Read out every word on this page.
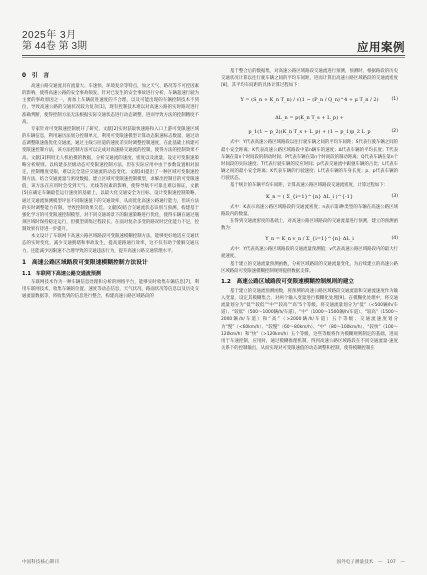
2025年 3月
第 44卷 第 3期	应用案例
0　引　言

高速公路交通流具有流量大、车速快、环境复杂等特点，加之天气、路况等不可控因素的影响，使得高速公路的安全事故频发，针对已发生的安全事故进行分析，车辆超速行驶为主要的事故原因之一，再加上车辆前进速度的不合理，以及可能出现的车辆控制技术不到位，导致高速公路的交通状况较为复杂[1]，现有控制技术难以对高速公路的实时路况进行准确判断，使得控制方法无法根据实际交通状态进行动态调整，进而导致方法的控制精度不高。

专家针对可变限速控制展开了研究，文献[2]实时获取快速路和入口上游可变限速区域的车辆信息，利用遍历法划分控制单元，利用可变限速模型计算动态限速标志数量，通过动态调整限速值优化交通流，通过主线与匝道的速度差实时调整控制速度，在此基础上构建可变限速控制方法，该方法控制方法可以完成对高速路交通流的控制，使得方法的控制效果不高。文献[3]利用无人机拍摄的数据，分析交通流的速度、密度以及流量，设定可变限速策略分析规则。以构建多层级动态可变限速控制方法，但在实际应用中由于参数设置相对固定，控制精度受限，难以完全适应交通流的动态变化。文献[4]提出了一种区域可变限速控制方法，结合交通流量与密度数据，建立区域可变限速控制模型，求解出控制目的可变限速值，该方法在应用时会受到天气、光线等因素的影响，使得导航不可靠且难以保证。文献[5]在确定车辆最佳运行速度的基础上，以最大化交通安全为目标，设计变限速控制策略，通过交通流预测模型评估不同限速值下的交通效率，从而优化高速公路通行能力，但该方法的实时调整能力有限，导致控制效果欠佳。文献[6]结合交通流状态识别与预测，构建基于强化学习的可变限速控制模型，对不同交通场景下的限速策略进行优化，使得车辆在通过瓶颈区域时保持稳定运行，但模型训练过程较长，在面对复杂多变的路况时泛化能力不足，控制效果有待进一步提升。

本文设计了车联网下高速公路区域路段可变限速模糊控制方法，能够更好地适应交通状态的实时变化，减少交通拥堵和事故发生，提高道路通行效率，这不仅有助于缓解交通压力，还能减少因限速不合理导致的交通违法行为，提升高速公路交通管理水平。

1　高速公路区域路段可变限速模糊控制方法设计
1.1　车联网下高速公路交通流预测

车联网技术作为一种车辆信息处理和分析的网络平台，能够实时收集车辆信息[7]，利用车联网技术，收集车辆的位置、速度等动态信息，天气状况、路面状况等信息以及历史交通流量数据等，将收集到的信息进行整合，构建高速公路区域路段的

基于整合后的数据集，对高速公路区域路段交通流进行预测，预测时，根据路段的历史交通状况计算以往行驶车辆之间的平均车间距，进而计算出高速公路区域路段的交通流密度[8]，其平均车间距的具体计算过程如下：

Y = (S_n + K_n T_n) / √(1 − (P_n / Q_n)^4 + μ T_n / 2)	(1)
ΔL_n = p(K_n T_s + L_p) +
p_1(1 − p_2)(K_n T_s + L_p) + (1 − p_1)p_2 L_p	(2)

式中：Y代表高速公路区域路段以往行驶车辆之间的平均车间距；S代表行驶车辆之间的最小安全距离；K代表高速公路区域路段中第n辆车的速度；Δ代表车辆的平均长度；T代表车辆在第n个时间段的制动时间；P代表车辆在第n个时间段的制动距离；Q代表车辆在第n个时间段的实际速度；T代表行驶车辆的反应时间；p代表交通流中跟驰车辆的占比；L代表车辆之间的最小安全距离；K代表车辆的行驶速度；L代表车辆的车身长度；p、p代表车辆的行驶状态。

基于统计的车辆平均车间距，计算高速公路区域路段交通流密度，计算过程如下：

K_n = ( Σ_{i=1}^{n} ΔL_i )^{-1}	(3)

式中：K表示高速公路区域路段的交通流密度；n表示第i种类型的车辆在高速公路区域路段内的数量。

在得到交通流密度的基础上，对高速公路区域路段的交通流量进行预测，建立的预测函数为：

Y_n = K_n v_n / Σ_{i=1}^{n} ΔL_i	(4)

式中：Y代表高速公路区域路段的交通流量预测值；v代表高速公路区域路段内的最大行驶速度。

基于建立的交通流量预测函数，分析区域路段的交通流量变化，为后续建立的高速公路区域路段可变限速模糊控制规则提供数据支撑。

1.2　高速公路区域路段可变限速模糊控制规则的建立

基于建立的交通流预测函数，将预测的高速公路区域路段交通流量和交通流速度作为输入变量，设定其模糊集合，对两个输入变量进行模糊化处理[9]。在模糊化处理中，将交通流量划分为“低”“较低”“中”“较高”“高”5个等级。将交通流量划分为“低”（<500辆/h/车道）、“较低”（500～1000辆/h/车道）、“中”（1000～1500辆/h/车道）、“较高”（1500～2000辆/h/车道）和“高”（>2000辆/h/车道）五个等级；交通流速度划分为“慢”（<60km/h）、“较慢”（60～80km/h）、“中”（80～100km/h）、“较快”（100～120km/h）和“快”（>120km/h）五个等级，这些等级将作为模糊规则制定的基础，进而用于车速控制，应用时，通过模糊推理机制，得到高速公路区域路段在不同交通流量-速度关系下的控制输出，从而实现对可变限速值的动态调整和控制，使得模糊控制在

中国科技核心期刊	国外电子测量技术　—　107　—
